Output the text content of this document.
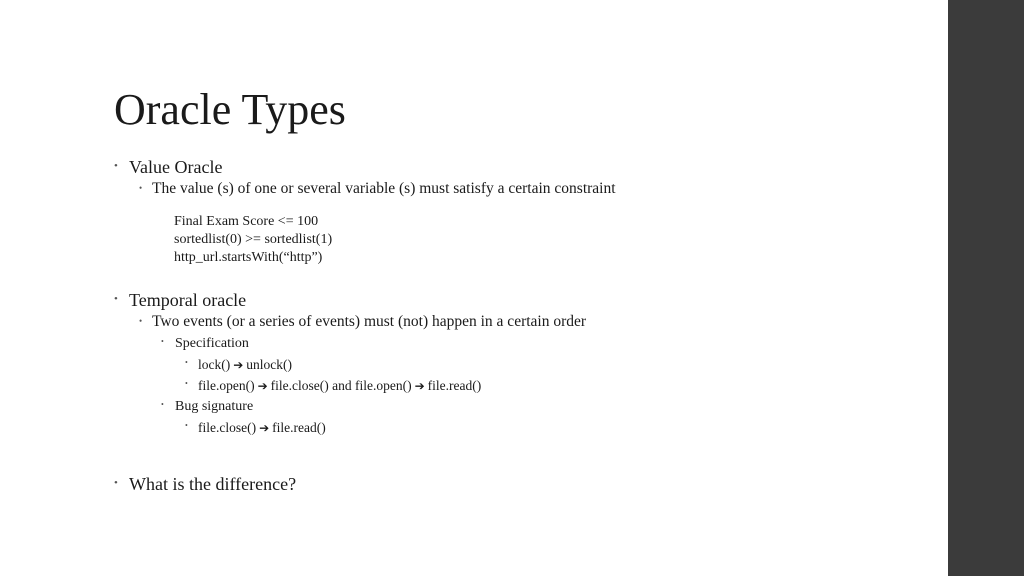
Oracle Types
• Value Oracle
• The value (s) of one or several variable (s) must satisfy a certain constraint
Final Exam Score <= 100
sortedlist(0) >= sortedlist(1)
http_url.startsWith(“http”)
• Temporal oracle
• Two events (or a series of events) must (not) happen in a certain order
• Specification
• lock() ➔ unlock()
• file.open() ➔ file.close() and file.open() ➔ file.read()
• Bug signature
• file.close() ➔ file.read()
• What is the difference?
